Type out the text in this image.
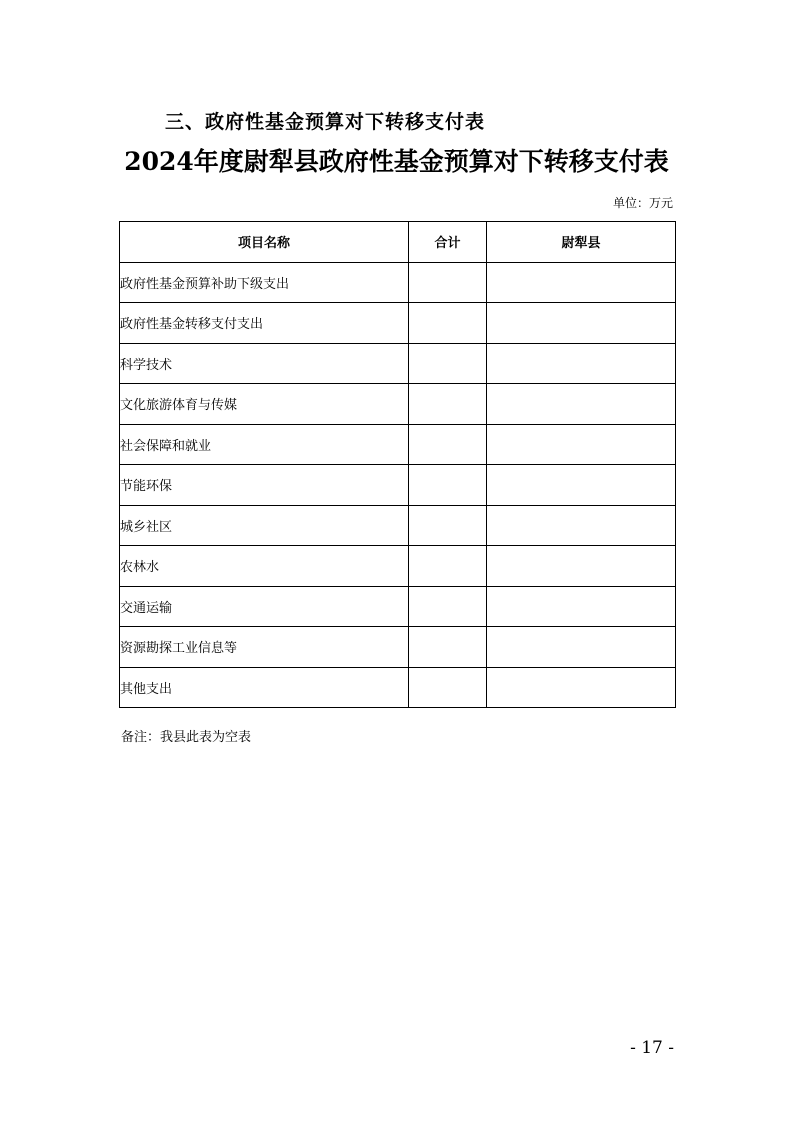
三、政府性基金预算对下转移支付表
2024年度尉犁县政府性基金预算对下转移支付表
单位：万元
项目名称	合计	尉犁县
政府性基金预算补助下级支出		
政府性基金转移支付支出		
科学技术		
文化旅游体育与传媒		
社会保障和就业		
节能环保		
城乡社区		
农林水		
交通运输		
资源勘探工业信息等		
其他支出		
备注：我县此表为空表
- 17 -
